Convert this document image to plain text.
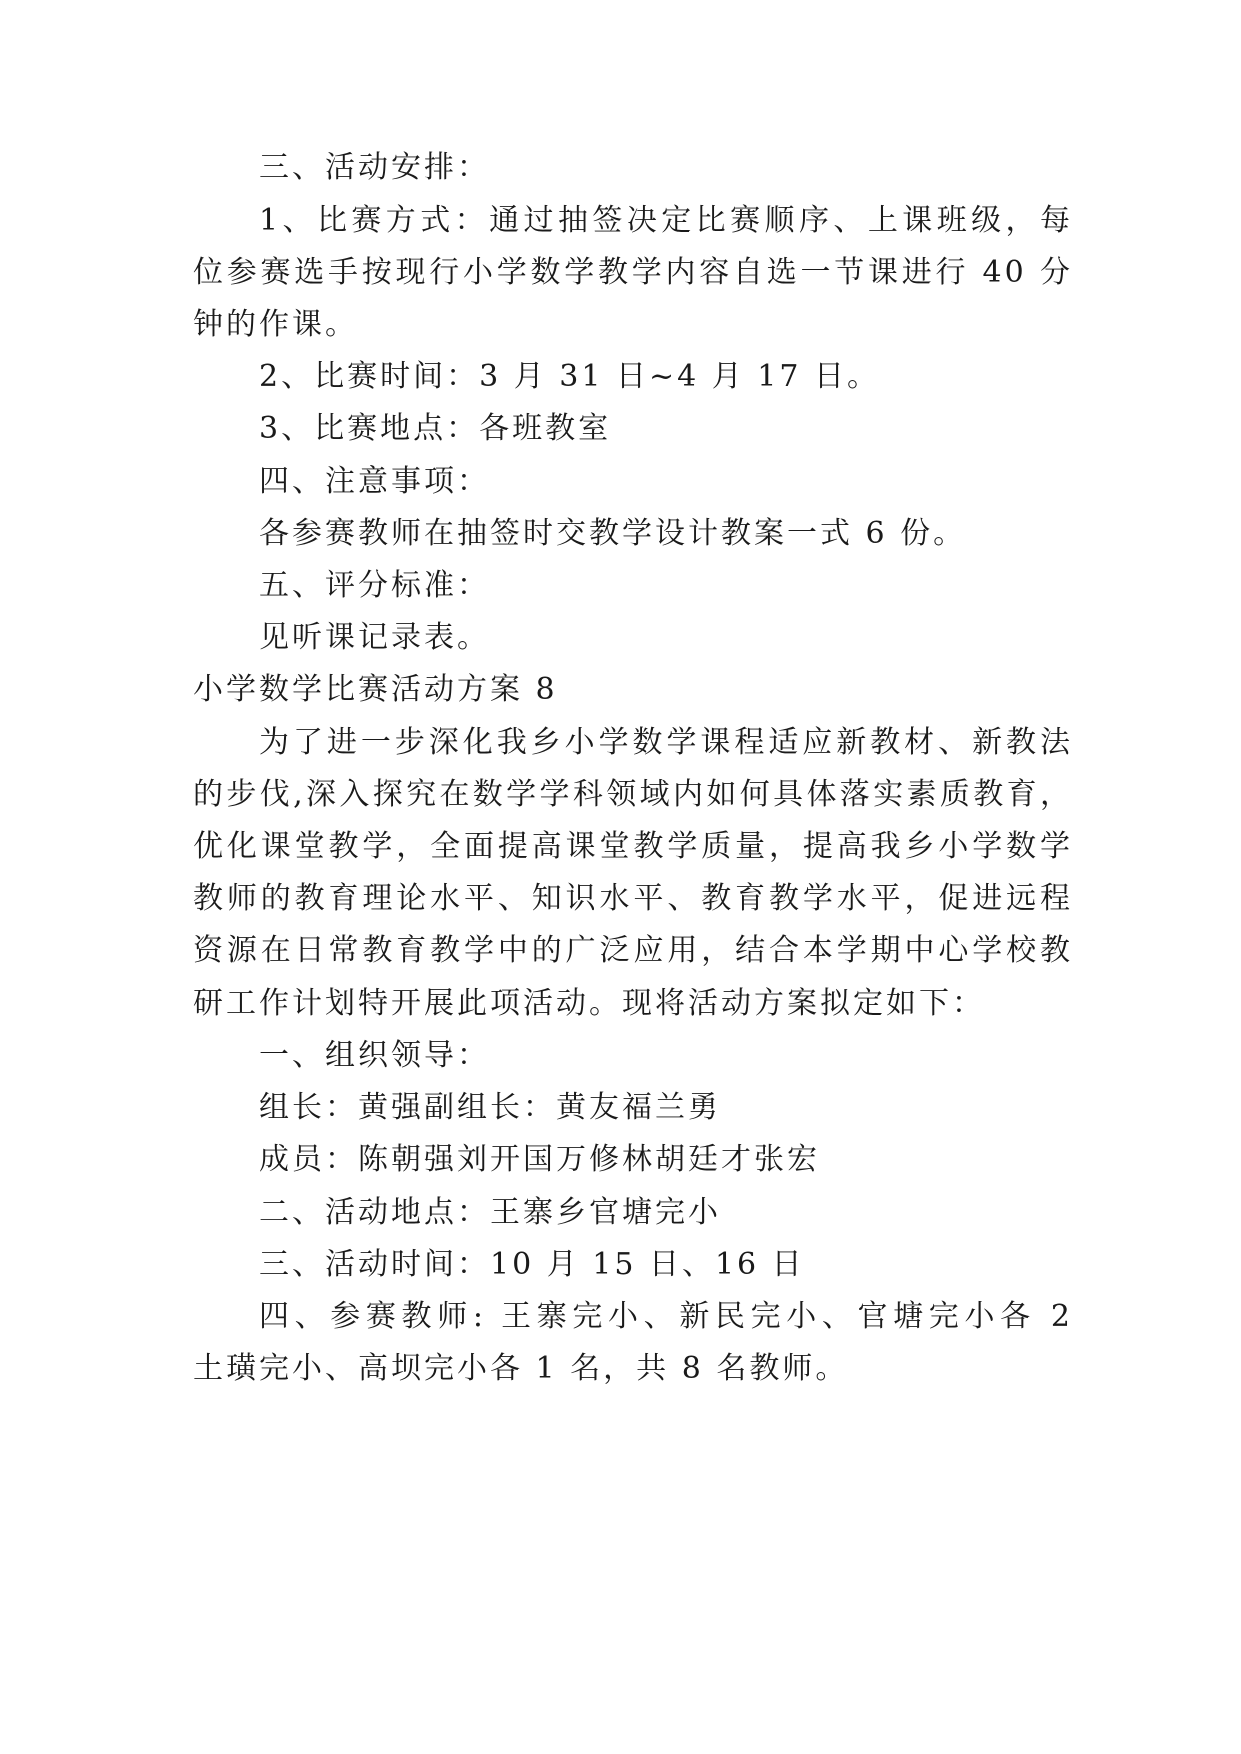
三、活动安排：
1、比赛方式：通过抽签决定比赛顺序、上课班级，每
位参赛选手按现行小学数学教学内容自选一节课进行 40 分
钟的作课。
2、比赛时间：3 月 31 日~4 月 17 日。
3、比赛地点：各班教室
四、注意事项：
各参赛教师在抽签时交教学设计教案一式 6 份。
五、评分标准：
见听课记录表。
小学数学比赛活动方案 8
为了进一步深化我乡小学数学课程适应新教材、新教法
的步伐,深入探究在数学学科领域内如何具体落实素质教育，
优化课堂教学，全面提高课堂教学质量，提高我乡小学数学
教师的教育理论水平、知识水平、教育教学水平，促进远程
资源在日常教育教学中的广泛应用，结合本学期中心学校教
研工作计划特开展此项活动。现将活动方案拟定如下：
一、组织领导：
组长：黄强副组长：黄友福兰勇
成员：陈朝强刘开国万修林胡廷才张宏
二、活动地点：王寨乡官塘完小
三、活动时间：10 月 15 日、16 日
四、参赛教师: 王寨完小、新民完小、官塘完小各 2
土璜完小、高坝完小各 1 名，共 8 名教师。
